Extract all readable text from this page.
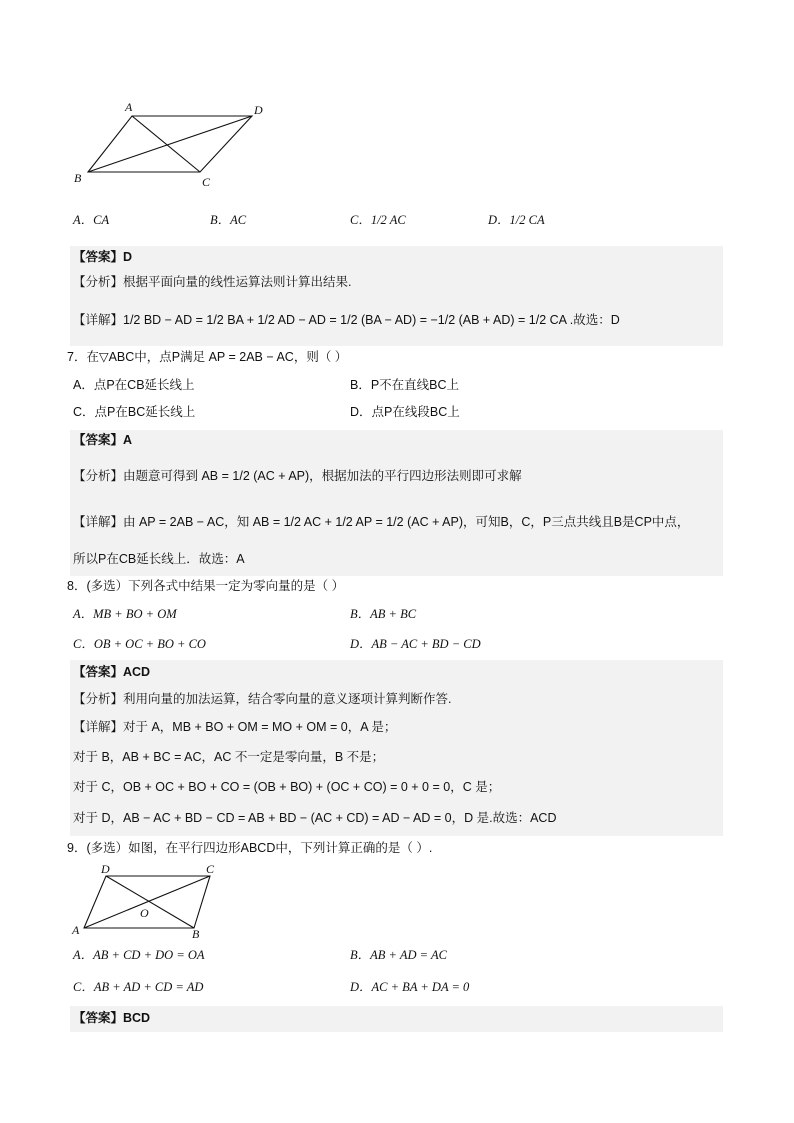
A	D
B	C
A．CA	B．AC	C．1/2 AC	D．1/2 CA
【答案】D
【分析】根据平面向量的线性运算法则计算出结果.
【详解】1/2 BD − AD = 1/2 BA + 1/2 AD − AD = 1/2 (BA − AD) = −1/2 (AB + AD) = 1/2 CA .故选：D
7．在▽ABC中，点P满足 AP = 2AB − AC，则（ ）
A．点P在CB延长线上	B．P不在直线BC上
C．点P在BC延长线上	D．点P在线段BC上
【答案】A
【分析】由题意可得到 AB = 1/2 (AC + AP)，根据加法的平行四边形法则即可求解
【详解】由 AP = 2AB − AC，知 AB = 1/2 AC + 1/2 AP = 1/2 (AC + AP)，可知B，C，P三点共线且B是CP中点，
所以P在CB延长线上．故选：A
8．(多选）下列各式中结果一定为零向量的是（ ）
A．MB + BO + OM	B．AB + BC
C．OB + OC + BO + CO	D．AB − AC + BD − CD
【答案】ACD
【分析】利用向量的加法运算，结合零向量的意义逐项计算判断作答.
【详解】对于 A，MB + BO + OM = MO + OM = 0，A 是；
对于 B，AB + BC = AC，AC 不一定是零向量，B 不是；
对于 C，OB + OC + BO + CO = (OB + BO) + (OC + CO) = 0 + 0 = 0，C 是；
对于 D，AB − AC + BD − CD = AB + BD − (AC + CD) = AD − AD = 0，D 是.故选：ACD
9．(多选）如图，在平行四边形ABCD中，下列计算正确的是（ ）.
D	C
O
A	B
A．AB + CD + DO = OA	B．AB + AD = AC
C．AB + AD + CD = AD	D．AC + BA + DA = 0
【答案】BCD
